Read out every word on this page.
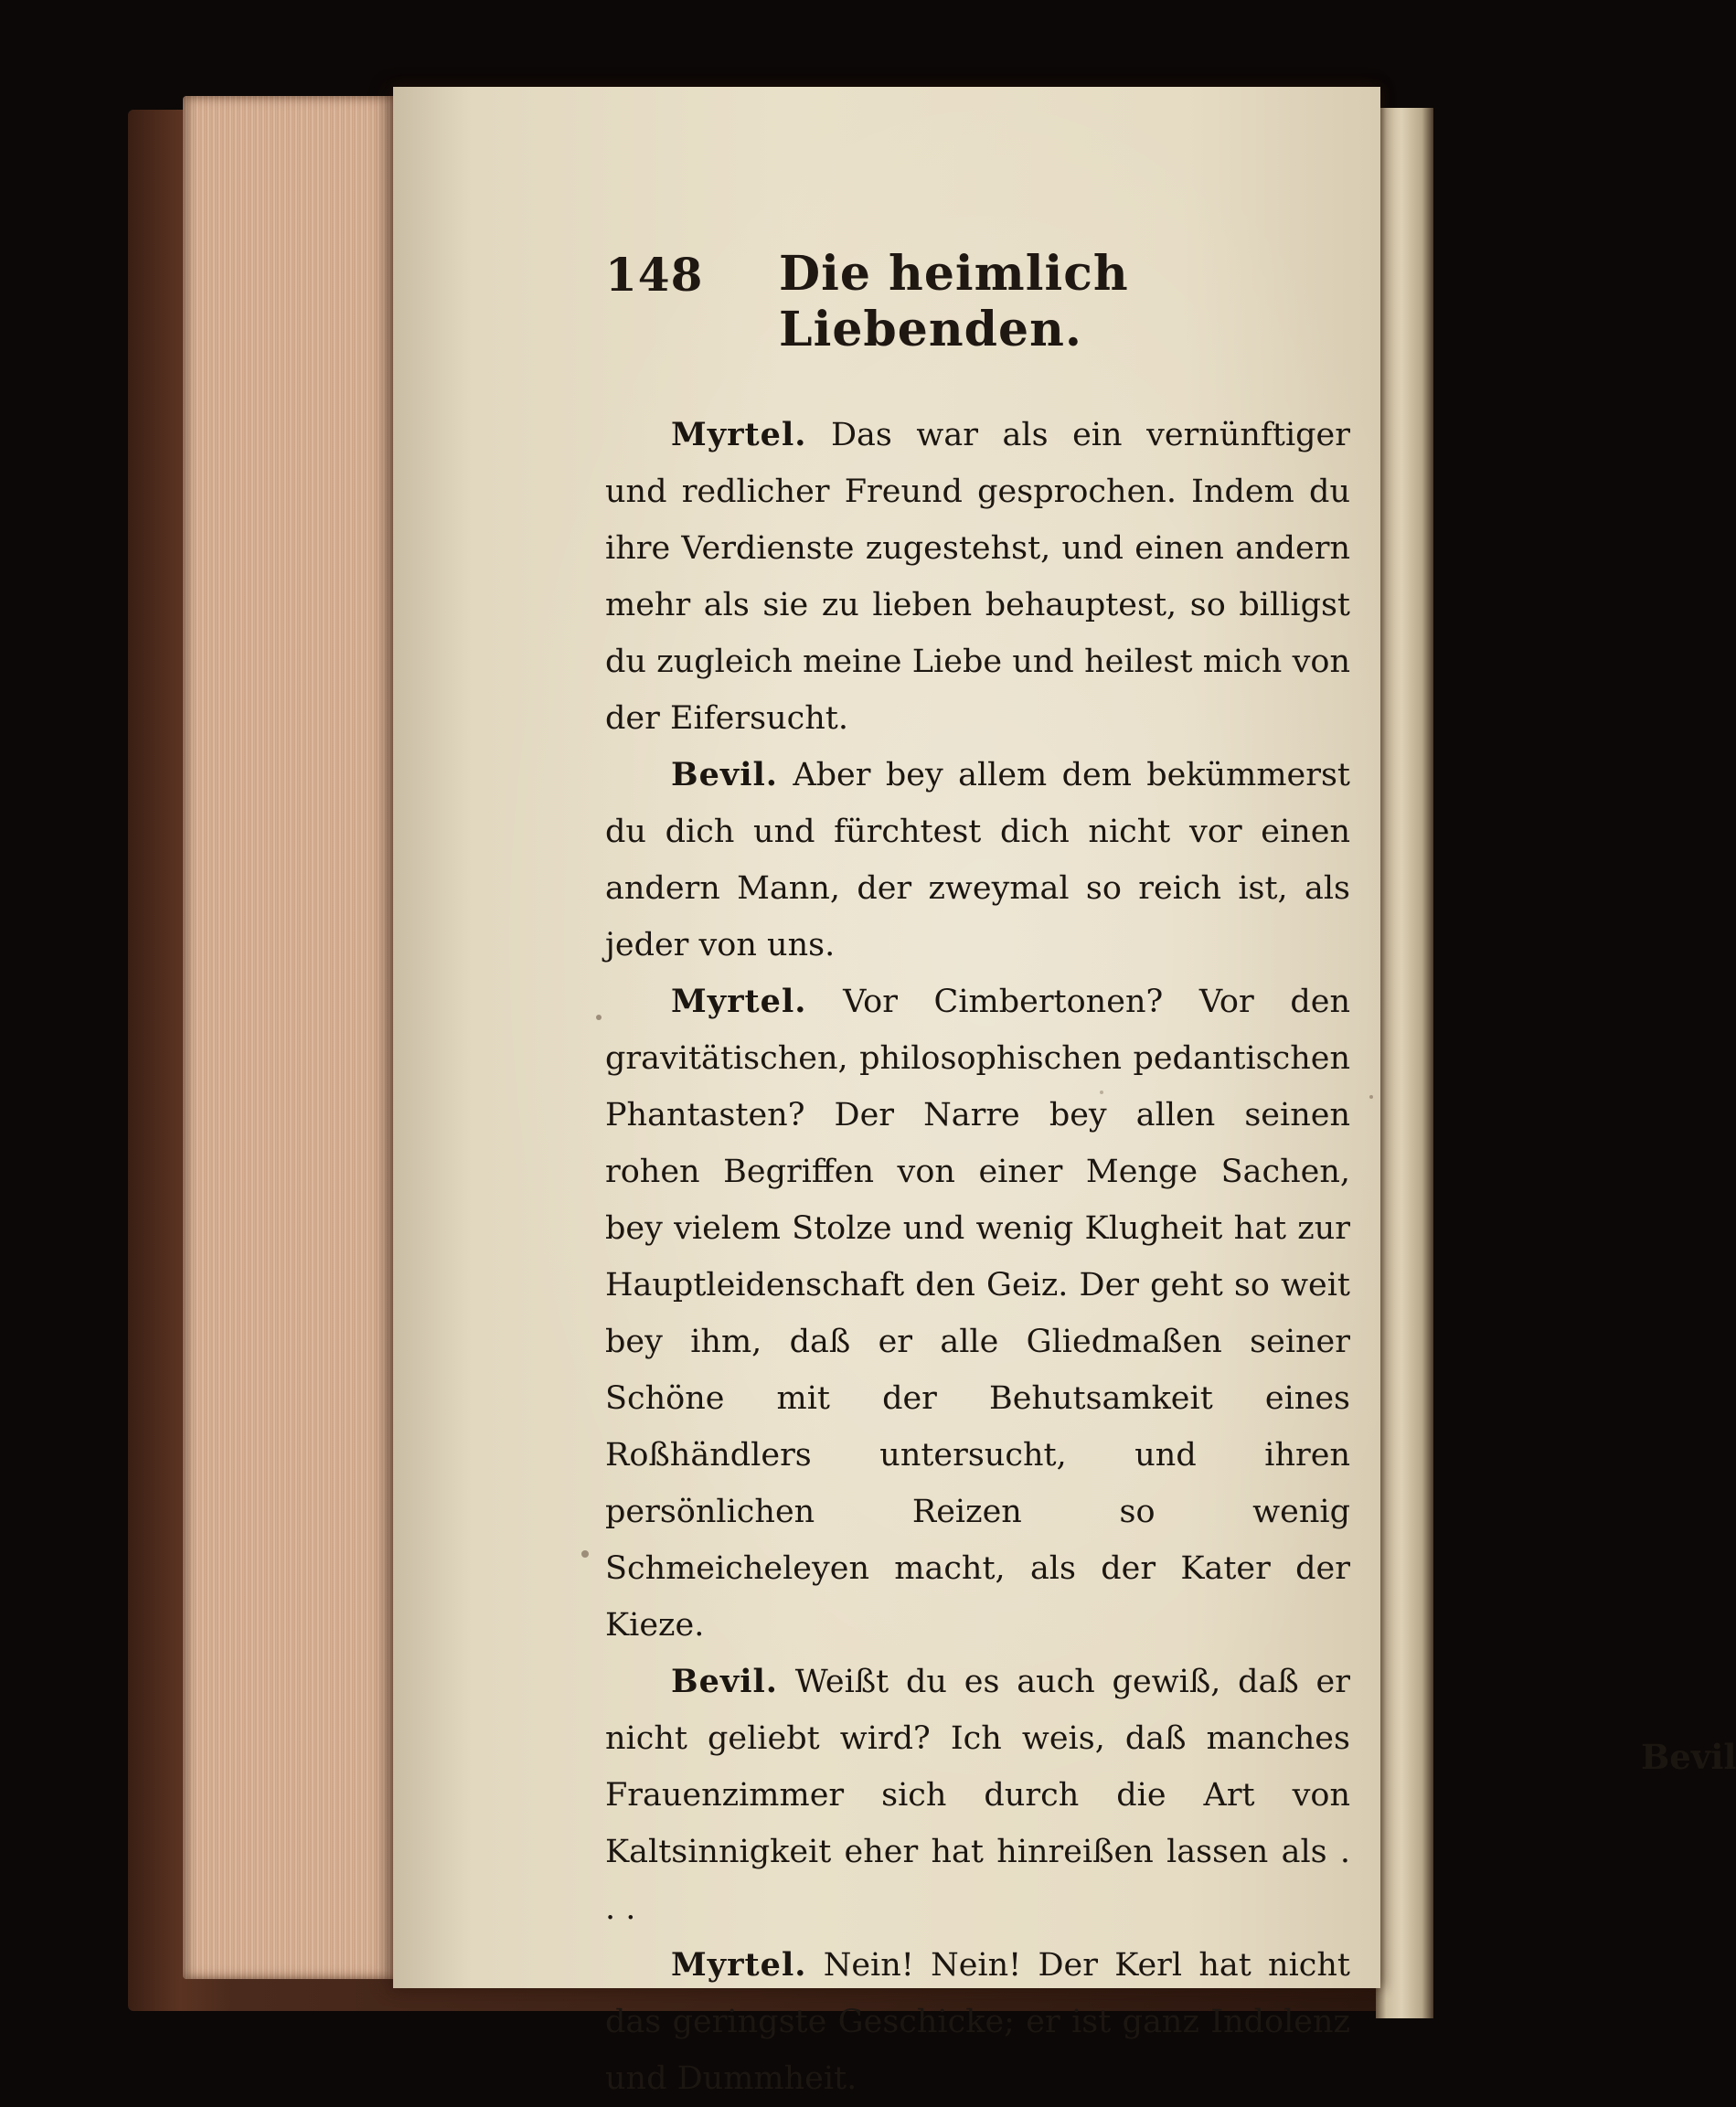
148 Die heimlich Liebenden.

Myrtel. Das war als ein vernünftiger und redlicher Freund gesprochen. Indem du ihre Verdienste zugestehst, und einen andern mehr als sie zu lieben behauptest, so billigst du zugleich meine Liebe und heilest mich von der Eifersucht.

Bevil. Aber bey allem dem bekümmerst du dich und fürchtest dich nicht vor einen andern Mann, der zweymal so reich ist, als jeder von uns.

Myrtel. Vor Cimbertonen? Vor den gravitätischen, philosophischen pedantischen Phantasten? Der Narre bey allen seinen rohen Begriffen von einer Menge Sachen, bey vielem Stolze und wenig Klugheit hat zur Hauptleidenschaft den Geiz. Der geht so weit bey ihm, daß er alle Gliedmaßen seiner Schöne mit der Behutsamkeit eines Roßhändlers untersucht, und ihren persönlichen Reizen so wenig Schmeicheleyen macht, als der Kater der Kieze.

Bevil. Weißt du es auch gewiß, daß er nicht geliebt wird? Ich weis, daß manches Frauenzimmer sich durch die Art von Kaltsinnigkeit eher hat hinreißen lassen als . . .

Myrtel. Nein! Nein! Der Kerl hat nicht das geringste Geschicke; er ist ganz Indolenz und Dummheit.

Bevil
